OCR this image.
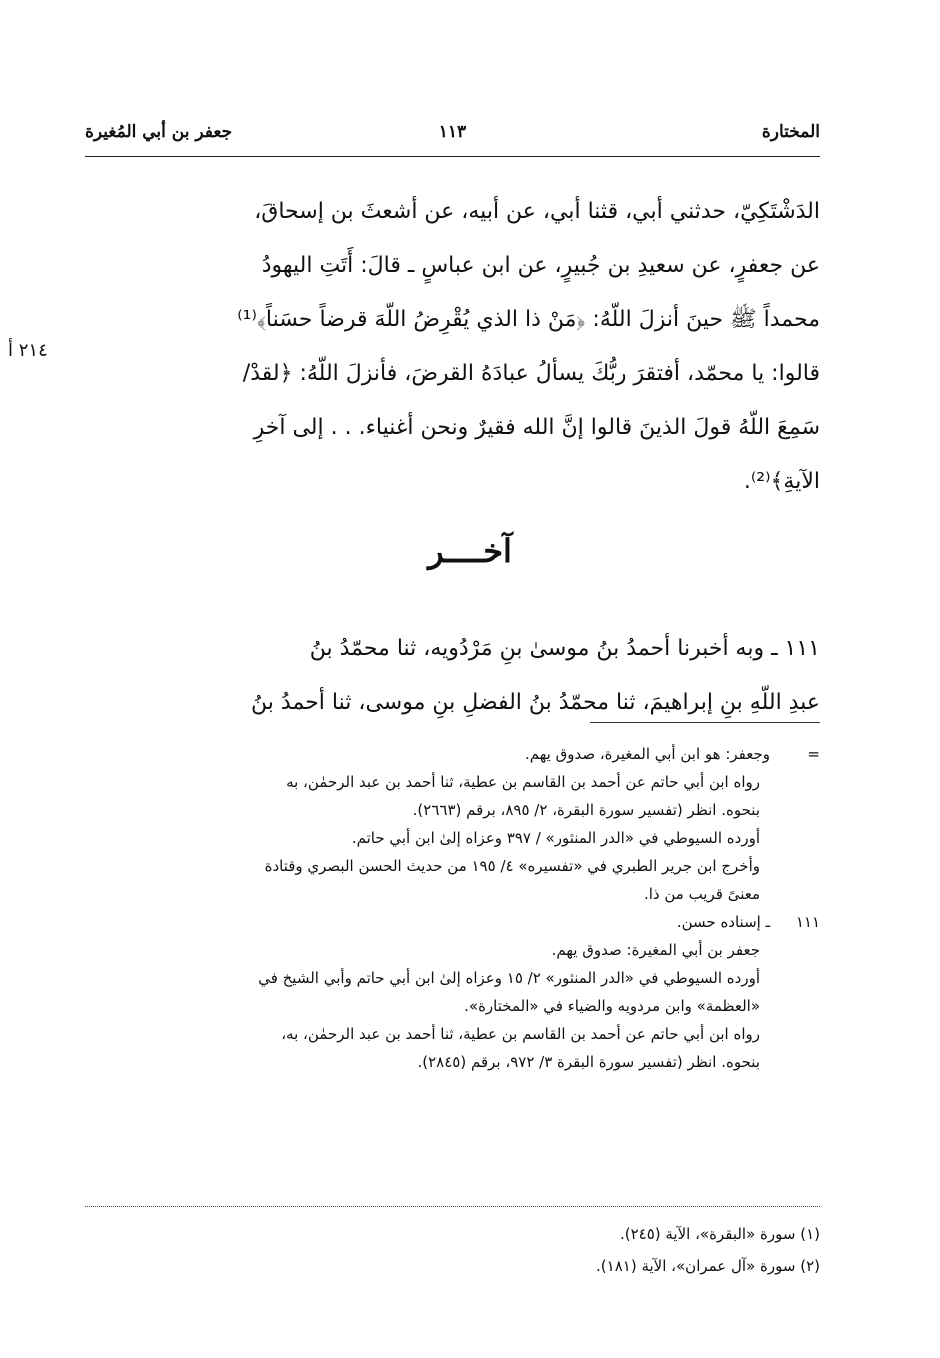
المختارة
١١٣
جعفر بن أبي المُغيرة
٢١٤ أ
الدَشْتَكِيّ، حدثني أبي، قثنا أبي، عن أبيه، عن أشعثَ بن إسحاقَ،
عن جعفرٍ، عن سعيدِ بن جُبيرٍ، عن ابن عباسٍ ـ قالَ: أَتَتِ اليهودُ
محمداً ﷺ حينَ أنزلَ اللّهُ: ﴿مَنْ ذا الذي يُقْرِضُ اللّهَ قرضاً حسَناً﴾⁽¹⁾
قالوا: يا محمّد، أفتقرَ ربُّكَ يسألُ عبادَهُ القرضَ، فأنزلَ اللّهُ: ﴿لقدْ/
سَمِعَ اللّهُ قولَ الذينَ قالوا إنَّ الله فقيرٌ ونحن أغنياء. . . إلى آخرِ
الآيةِ﴾⁽²⁾.
آخــــر
١١١ ـ وبه أخبرنا أحمدُ بنُ موسىٰ بنِ مَرْدُويه، ثنا محمّدُ بنُ
عبدِ اللّهِ بنِ إبراهيمَ، ثنا محمّدُ بنُ الفضلِ بنِ موسى، ثنا أحمدُ بنُ
=وجعفر: هو ابن أبي المغيرة، صدوق يهم.
رواه ابن أبي حاتم عن أحمد بن القاسم بن عطية، ثنا أحمد بن عبد الرحمٰن، به
بنحوه. انظر (تفسير سورة البقرة، ٢/ ٨٩٥، برقم (٢٦٦٣).
أورده السيوطي في «الدر المنثور» / ٣٩٧ وعزاه إلىٰ ابن أبي حاتم.
وأخرج ابن جرير الطبري في «تفسيره» ٤/ ١٩٥ من حديث الحسن البصري وقتادة
معنىً قريب من ذا.
١١١ـ إسناده حسن.
جعفر بن أبي المغيرة: صدوق يهم.
أورده السيوطي في «الدر المنثور» ٢/ ١٥ وعزاه إلىٰ ابن أبي حاتم وأبي الشيخ في
«العظمة» وابن مردويه والضياء في «المختارة».
رواه ابن أبي حاتم عن أحمد بن القاسم بن عطية، ثنا أحمد بن عبد الرحمٰن، به،
بنحوه. انظر (تفسير سورة البقرة ٣/ ٩٧٢، برقم (٢٨٤٥).
(١) سورة «البقرة»، الآية (٢٤٥).
(٢) سورة «آل عمران»، الآية (١٨١).
